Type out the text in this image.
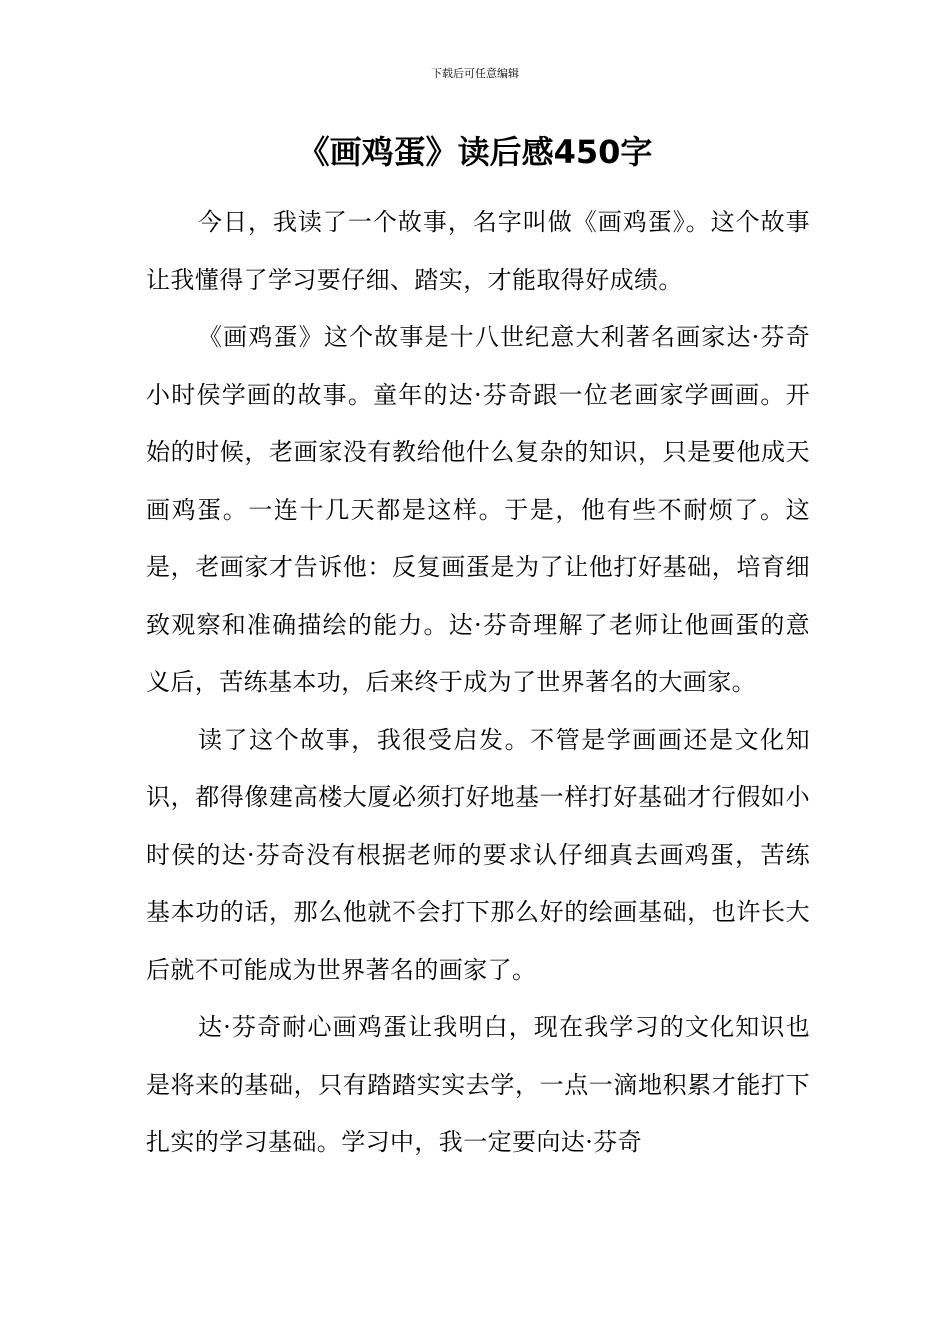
下载后可任意编辑
《画鸡蛋》读后感450字

今日，我读了一个故事，名字叫做《画鸡蛋》。这个故事让我懂得了学习要仔细、踏实，才能取得好成绩。

《画鸡蛋》这个故事是十八世纪意大利著名画家达·芬奇小时侯学画的故事。童年的达·芬奇跟一位老画家学画画。开始的时候，老画家没有教给他什么复杂的知识，只是要他成天画鸡蛋。一连十几天都是这样。于是，他有些不耐烦了。这是，老画家才告诉他：反复画蛋是为了让他打好基础，培育细致观察和准确描绘的能力。达·芬奇理解了老师让他画蛋的意义后，苦练基本功，后来终于成为了世界著名的大画家。

读了这个故事，我很受启发。不管是学画画还是文化知识，都得像建高楼大厦必须打好地基一样打好基础才行假如小时侯的达·芬奇没有根据老师的要求认仔细真去画鸡蛋，苦练基本功的话，那么他就不会打下那么好的绘画基础，也许长大后就不可能成为世界著名的画家了。

达·芬奇耐心画鸡蛋让我明白，现在我学习的文化知识也是将来的基础，只有踏踏实实去学，一点一滴地积累才能打下扎实的学习基础。学习中，我一定要向达·芬奇
